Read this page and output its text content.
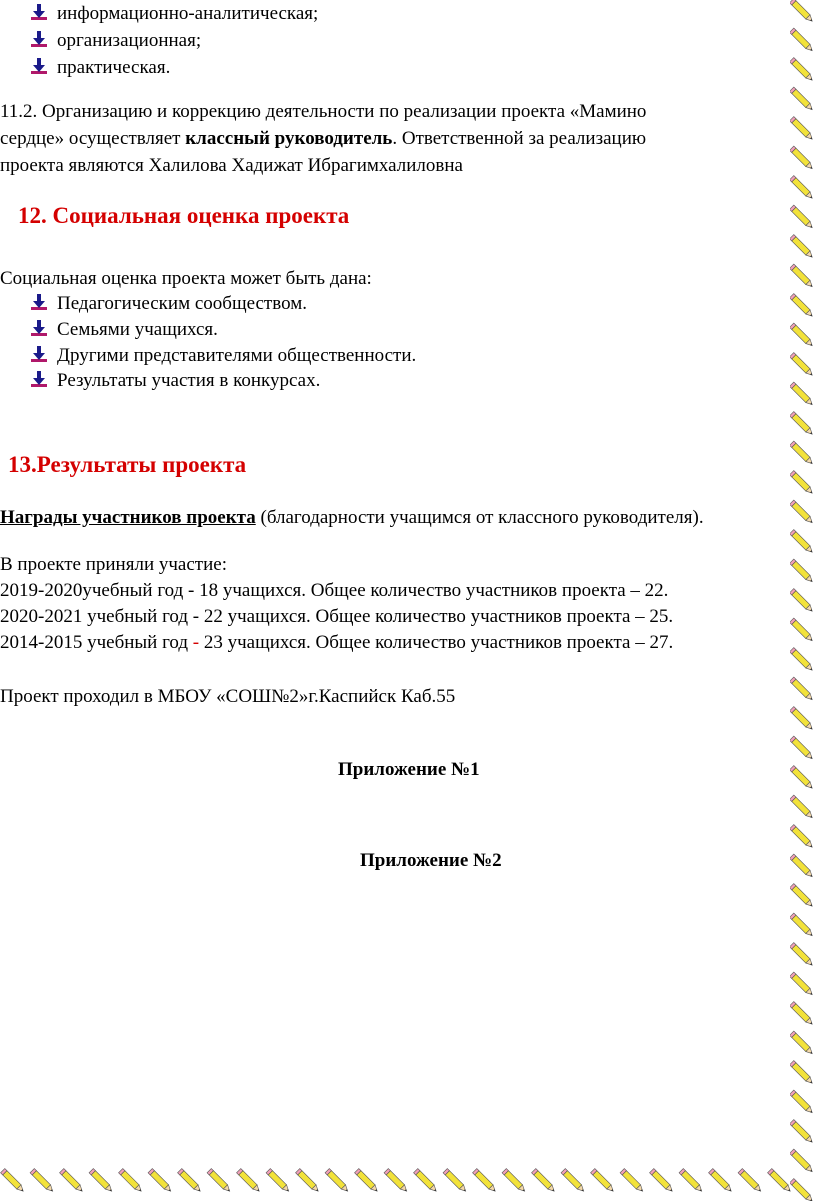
информационно-аналитическая;
организационная;
практическая.
11.2. Организацию и коррекцию деятельности по реализации проекта «Мамино
сердце» осуществляет классный руководитель. Ответственной за реализацию
проекта являются Халилова Хадижат Ибрагимхалиловна
12. Социальная оценка проекта
Социальная оценка проекта может быть дана:
Педагогическим сообществом.
Семьями учащихся.
Другими представителями общественности.
Результаты участия в конкурсах.
13.Результаты проекта
Награды участников проекта (благодарности учащимся от классного руководителя).
В проекте приняли участие:
2019-2020учебный год - 18 учащихся. Общее количество участников проекта – 22.
2020-2021 учебный год - 22 учащихся. Общее количество участников проекта – 25.
2014-2015 учебный год - 23 учащихся. Общее количество участников проекта – 27.
Проект проходил в МБОУ «СОШ№2»г.Каспийск Каб.55
Приложение №1
Приложение №2
